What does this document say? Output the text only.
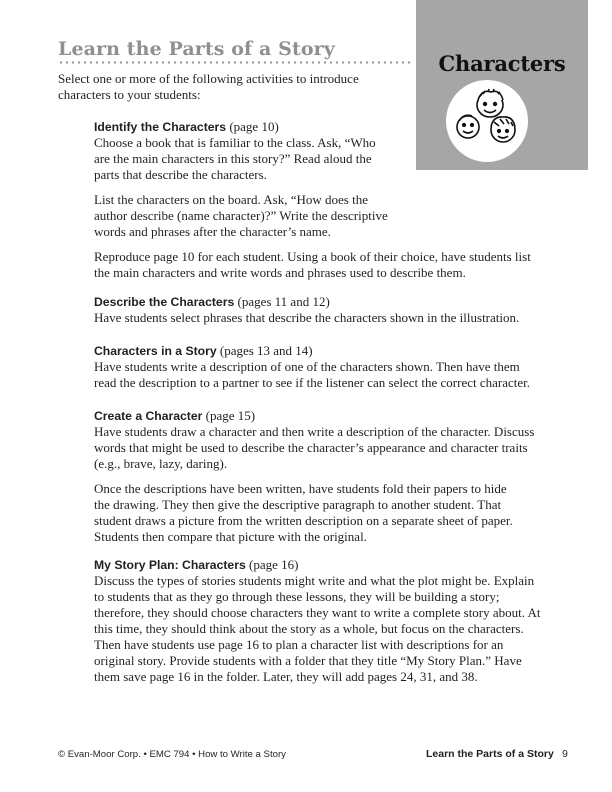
Learn the Parts of a Story
Characters
Select one or more of the following activities to introduce characters to your students:

Identify the Characters (page 10)

Choose a book that is familiar to the class. Ask, “Who are the main characters in this story?” Read aloud the parts that describe the characters.

List the characters on the board. Ask, “How does the author describe (name character)?” Write the descriptive words and phrases after the character’s name.

Reproduce page 10 for each student. Using a book of their choice, have students list the main characters and write words and phrases used to describe them.

Describe the Characters (pages 11 and 12)

Have students select phrases that describe the characters shown in the illustration.

Characters in a Story (pages 13 and 14)

Have students write a description of one of the characters shown. Then have them read the description to a partner to see if the listener can select the correct character.

Create a Character (page 15)

Have students draw a character and then write a description of the character. Discuss words that might be used to describe the character’s appearance and character traits (e.g., brave, lazy, daring).

Once the descriptions have been written, have students fold their papers to hide the drawing. They then give the descriptive paragraph to another student. That student draws a picture from the written description on a separate sheet of paper. Students then compare that picture with the original.

My Story Plan: Characters (page 16)

Discuss the types of stories students might write and what the plot might be. Explain to students that as they go through these lessons, they will be building a story; therefore, they should choose characters they want to write a complete story about. At this time, they should think about the story as a whole, but focus on the characters. Then have students use page 16 to plan a character list with descriptions for an original story. Provide students with a folder that they title “My Story Plan.” Have them save page 16 in the folder. Later, they will add pages 24, 31, and 38.

© Evan-Moor Corp. • EMC 794 • How to Write a Story	Learn the Parts of a Story 9
